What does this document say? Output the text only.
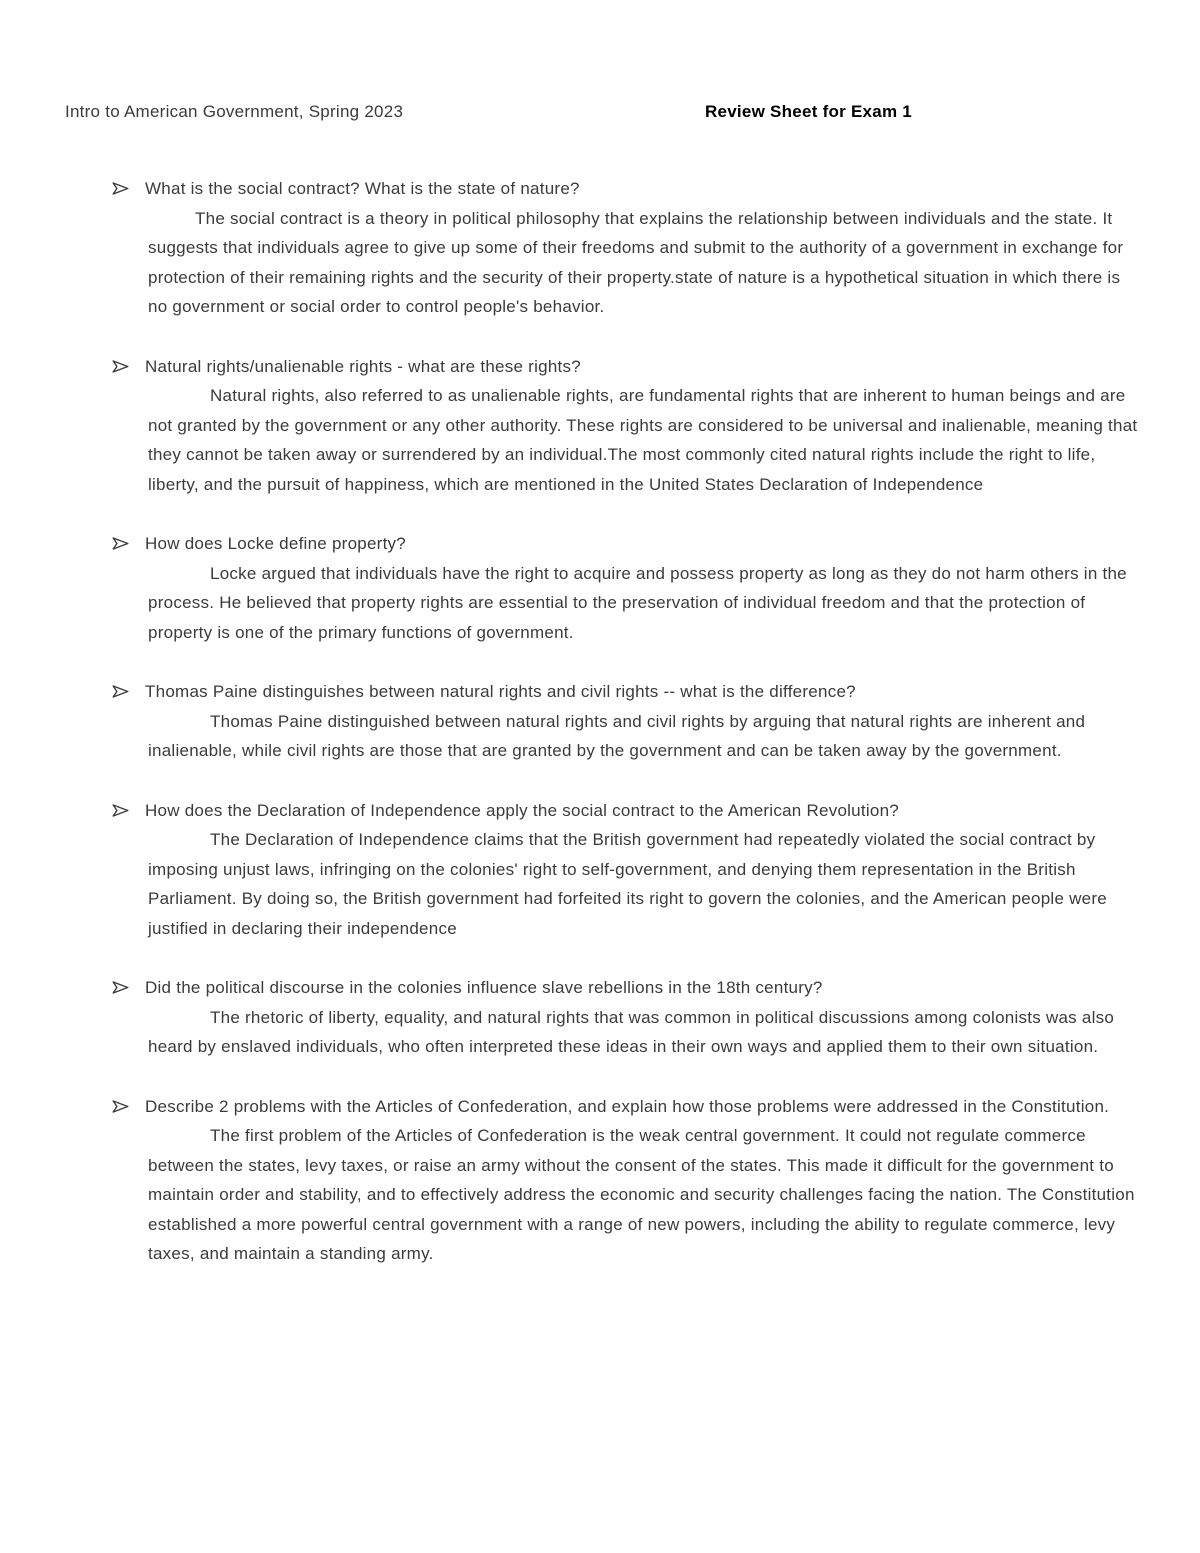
Intro to American Government, Spring 2023	Review Sheet for Exam 1
What is the social contract? What is the state of nature?

The social contract is a theory in political philosophy that explains the relationship between individuals and the state. It suggests that individuals agree to give up some of their freedoms and submit to the authority of a government in exchange for protection of their remaining rights and the security of their property.state of nature is a hypothetical situation in which there is no government or social order to control people's behavior.

Natural rights/unalienable rights - what are these rights?

Natural rights, also referred to as unalienable rights, are fundamental rights that are inherent to human beings and are not granted by the government or any other authority. These rights are considered to be universal and inalienable, meaning that they cannot be taken away or surrendered by an individual.The most commonly cited natural rights include the right to life, liberty, and the pursuit of happiness, which are mentioned in the United States Declaration of Independence

How does Locke define property?

Locke argued that individuals have the right to acquire and possess property as long as they do not harm others in the process. He believed that property rights are essential to the preservation of individual freedom and that the protection of property is one of the primary functions of government.

Thomas Paine distinguishes between natural rights and civil rights -- what is the difference?

Thomas Paine distinguished between natural rights and civil rights by arguing that natural rights are inherent and inalienable, while civil rights are those that are granted by the government and can be taken away by the government.

How does the Declaration of Independence apply the social contract to the American Revolution?

The Declaration of Independence claims that the British government had repeatedly violated the social contract by imposing unjust laws, infringing on the colonies' right to self-government, and denying them representation in the British Parliament. By doing so, the British government had forfeited its right to govern the colonies, and the American people were justified in declaring their independence

Did the political discourse in the colonies influence slave rebellions in the 18th century?

The rhetoric of liberty, equality, and natural rights that was common in political discussions among colonists was also heard by enslaved individuals, who often interpreted these ideas in their own ways and applied them to their own situation.

Describe 2 problems with the Articles of Confederation, and explain how those problems were addressed in the Constitution.

The first problem of the Articles of Confederation is the weak central government. It could not regulate commerce between the states, levy taxes, or raise an army without the consent of the states. This made it difficult for the government to maintain order and stability, and to effectively address the economic and security challenges facing the nation. The Constitution established a more powerful central government with a range of new powers, including the ability to regulate commerce, levy taxes, and maintain a standing army.
